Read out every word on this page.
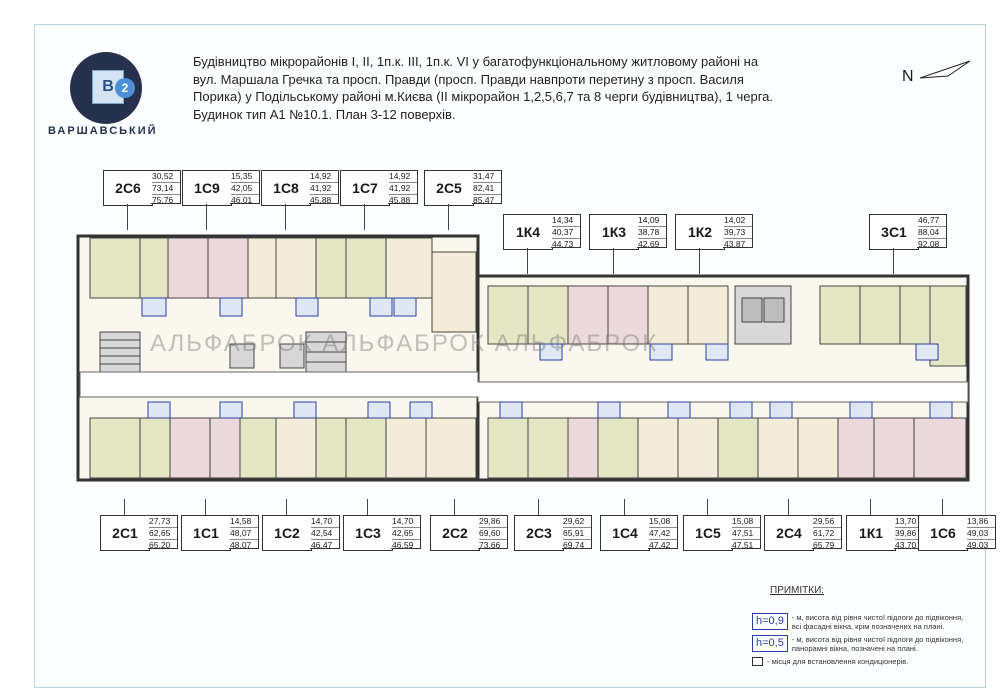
В 2
ВАРШАВСЬКИЙ
Будівництво мікрорайонів І, ІІ, 1п.к. ІІІ, 1п.к. VI у багатофункціональному житловому районі на
вул. Маршала Гречка та просп. Правди (просп. Правди навпроти перетину з просп. Василя
Порика) у Подільському районі м.Києва (ІІ мікрорайон 1,2,5,6,7 та 8 черги будівництва), 1 черга.
Будинок тип А1 №10.1. План 3-12 поверхів.
N
2С6
30,52
73,14
75,76
1С9
15,35
42,05
46,01
1С8
14,92
41,92
45,88
1С7
14,92
41,92
45,88
2С5
31,47
82,41
85,47
1К4
14,34
40,37
44,73
1К3
14,09
38,78
42,69
1К2
14,02
39,73
43,87
3С1
46,77
88,04
92,08
2С1
27,73
62,65
65,20
1С1
14,58
48,07
48,07
1С2
14,70
42,54
46,47
1С3
14,70
42,65
46,59
2С2
29,86
69,60
73,66
2С3
29,62
65,91
69,74
1С4
15,08
47,42
47,42
1С5
15,08
47,51
47,51
2С4
29,56
61,72
65,79
1К1
13,70
39,86
43,70
1С6
13,86
49,03
49,03
АЛЬФАБРОК АЛЬФАБРОК АЛЬФАБРОК
ПРИМІТКИ:
h=0,9	- м, висота від рівня чистої підлоги до підвіконня, всі фасадні вікна, крім позначених на плані.
h=0,5	- м, висота від рівня чистої підлоги до підвіконня, панорамні вікна, позначені на плані.
- місця для встановлення кондиціонерів.
